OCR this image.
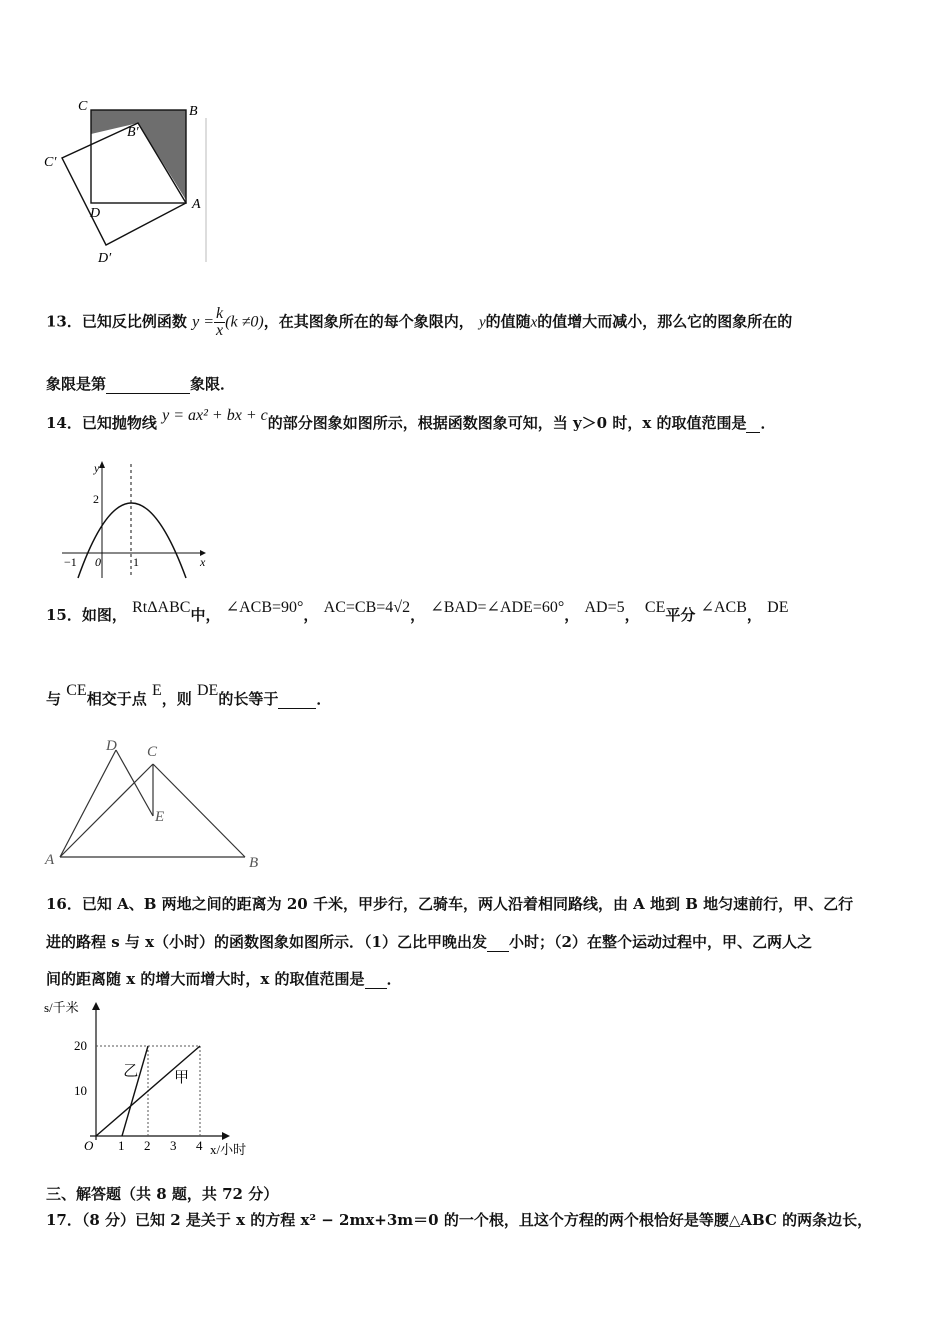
C	B
B′
C′
D
A
D′
13．已知反比例函数 $y = \frac{k}{x} (k \ne 0)$，在其图象所在的每个象限内， y的值随x的值增大而减小，那么它的图象所在的
象限是第	象限．
14．已知抛物线 y = ax² + bx + c的部分图象如图所示，根据函数图象可知，当 y＞0 时，x 的取值范围是 ．
y
x
2
0
−1	1
15．如图， RtΔABC中， ∠ACB=90°， AC=CB=4√2， ∠BAD=∠ADE=60°， AD=5， CE平分 ∠ACB， DE
与 CE相交于点 E，则 DE的长等于	．
D C
E
A	B
16．已知 A、B 两地之间的距离为 20 千米，甲步行，乙骑车，两人沿着相同路线，由 A 地到 B 地匀速前行，甲、乙行
进的路程 s 与 x（小时）的函数图象如图所示．（1）乙比甲晚出发 小时；（2）在整个运动过程中，甲、乙两人之
间的距离随 x 的增大而增大时，x 的取值范围是 ．
s/千米
x/小时
O 1 2 3 4
10
20
乙 甲
三、解答题（共 8 题，共 72 分）
17．（8 分）已知 2 是关于 x 的方程 x² − 2mx+3m＝0 的一个根，且这个方程的两个根恰好是等腰△ABC 的两条边长，
